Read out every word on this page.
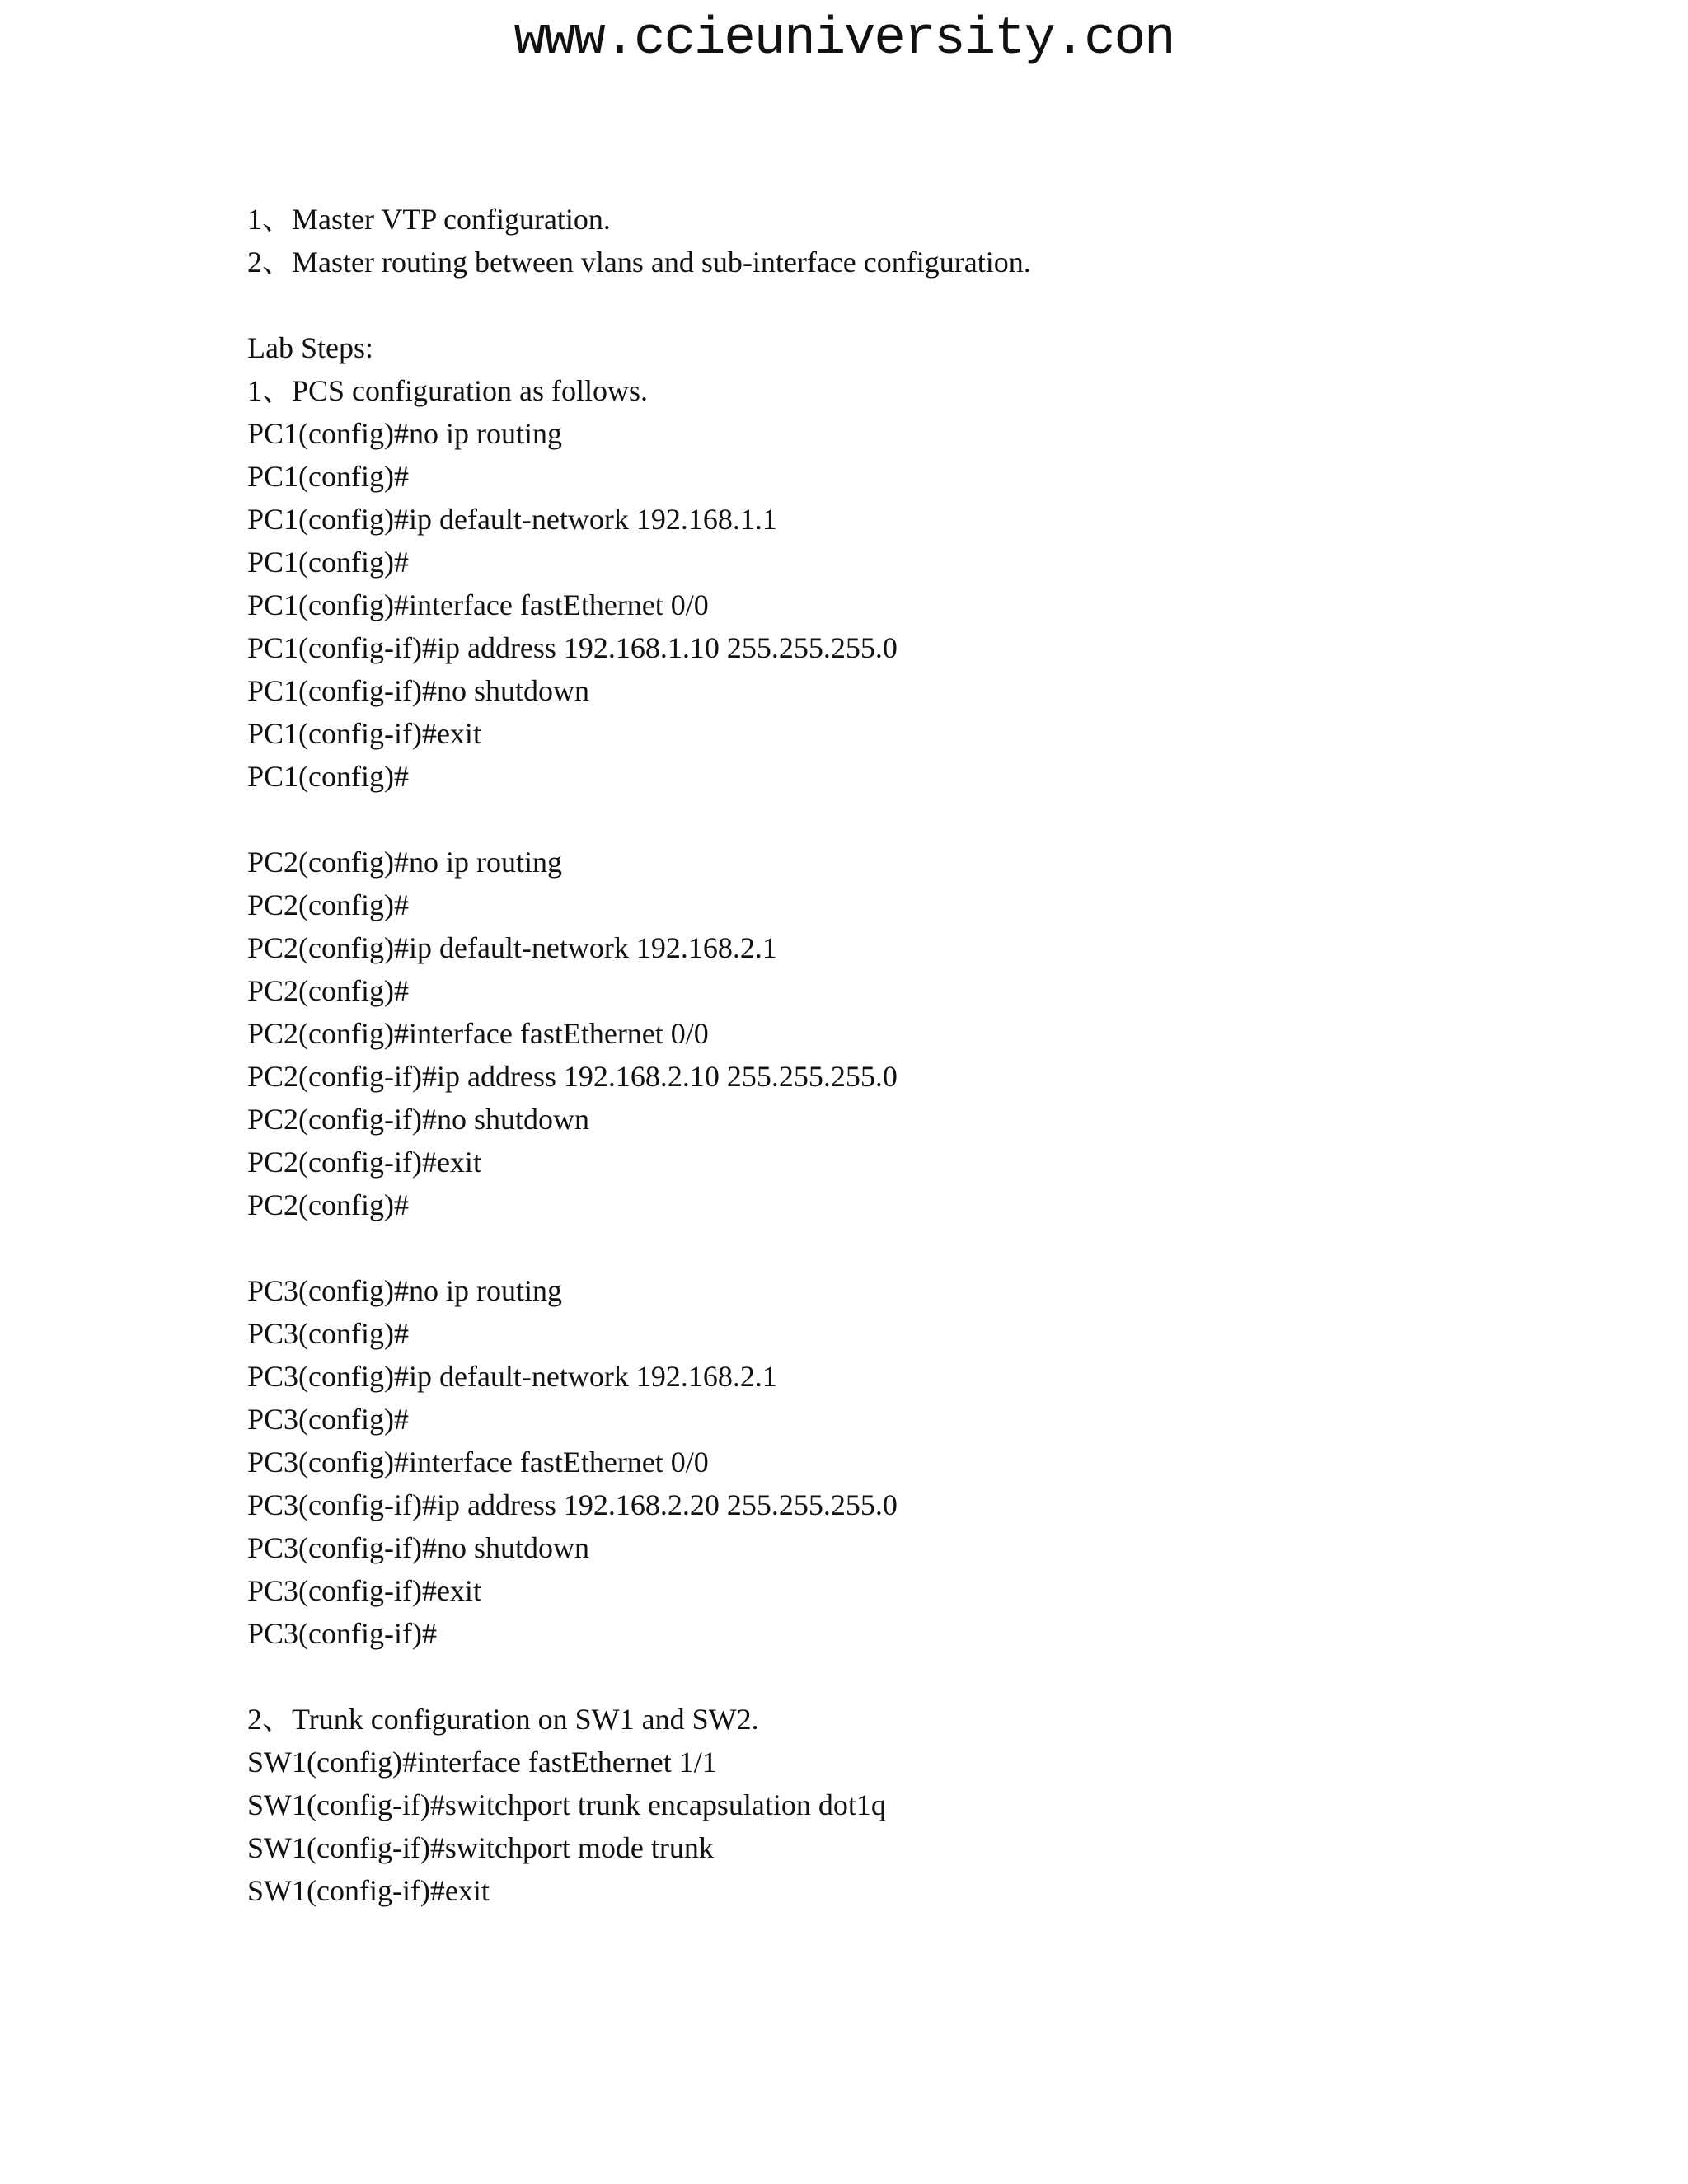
www.ccieuniversity.con
1、Master VTP configuration.
2、Master routing between vlans and sub-interface configuration.
Lab Steps:
1、PCS configuration as follows.
PC1(config)#no ip routing
PC1(config)#
PC1(config)#ip default-network 192.168.1.1
PC1(config)#
PC1(config)#interface fastEthernet 0/0
PC1(config-if)#ip address 192.168.1.10 255.255.255.0
PC1(config-if)#no shutdown
PC1(config-if)#exit
PC1(config)#
PC2(config)#no ip routing
PC2(config)#
PC2(config)#ip default-network 192.168.2.1
PC2(config)#
PC2(config)#interface fastEthernet 0/0
PC2(config-if)#ip address 192.168.2.10 255.255.255.0
PC2(config-if)#no shutdown
PC2(config-if)#exit
PC2(config)#
PC3(config)#no ip routing
PC3(config)#
PC3(config)#ip default-network 192.168.2.1
PC3(config)#
PC3(config)#interface fastEthernet 0/0
PC3(config-if)#ip address 192.168.2.20 255.255.255.0
PC3(config-if)#no shutdown
PC3(config-if)#exit
PC3(config-if)#
2、Trunk configuration on SW1 and SW2.
SW1(config)#interface fastEthernet 1/1
SW1(config-if)#switchport trunk encapsulation dot1q
SW1(config-if)#switchport mode trunk
SW1(config-if)#exit
